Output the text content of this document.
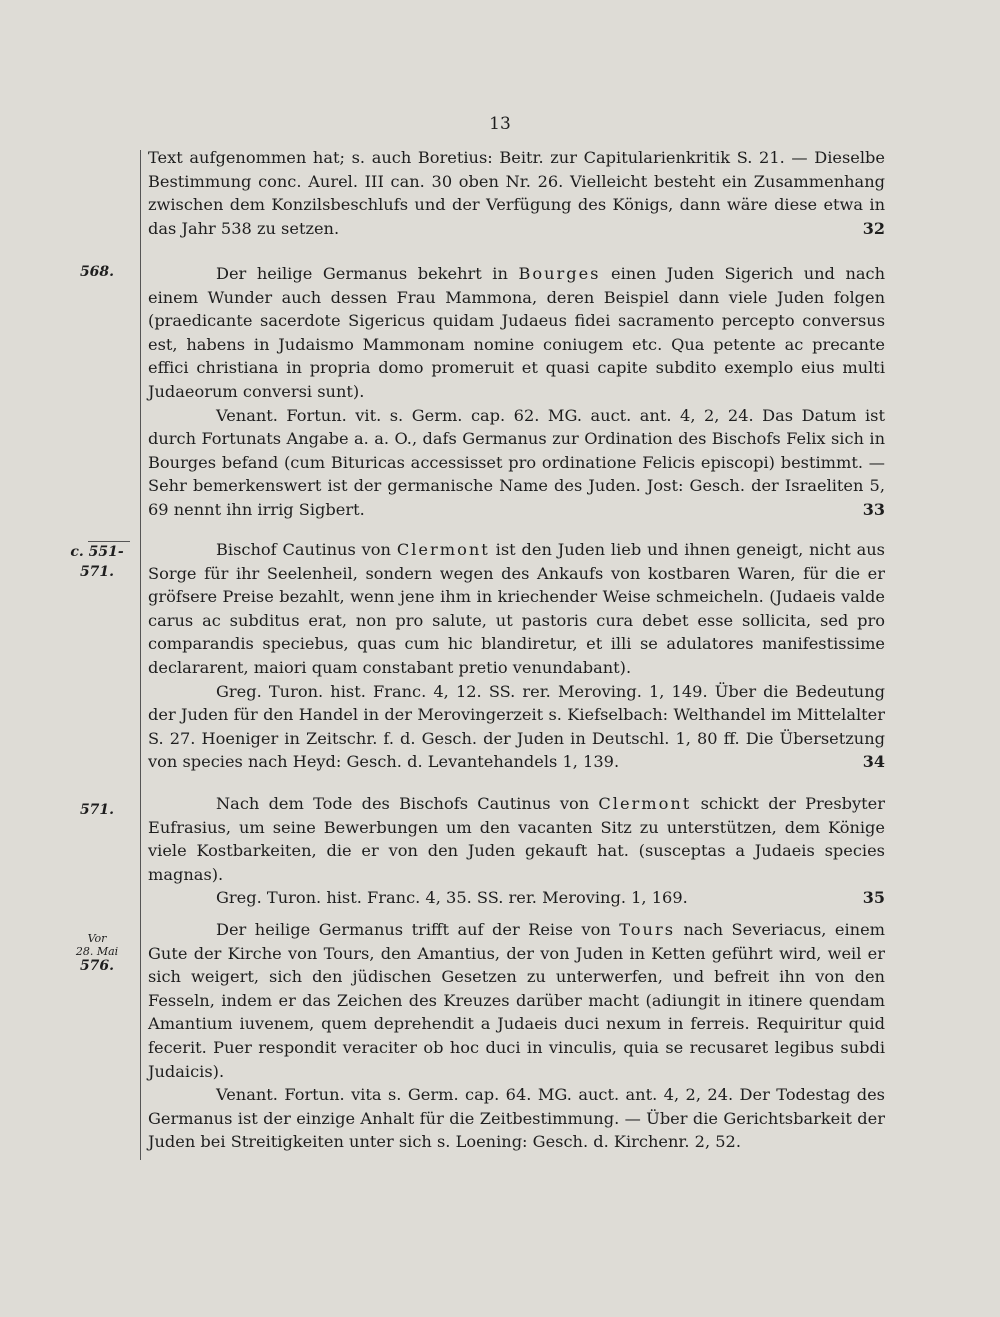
13

Text aufgenommen hat; s. auch Boretius: Beitr. zur Capitularienkritik S. 21. — Dieselbe Bestimmung conc. Aurel. III can. 30 oben Nr. 26. Vielleicht besteht ein Zusammenhang zwischen dem Konzilsbeschlufs und der Verfügung des Königs, dann wäre diese etwa in das Jahr 538 zu setzen.	32
568.	Der heilige Germanus bekehrt in Bourges einen Juden Sigerich und nach einem Wunder auch dessen Frau Mammona, deren Beispiel dann viele Juden folgen (praedicante sacerdote Sigericus quidam Judaeus fidei sacramento percepto conversus est, habens in Judaismo Mammonam nomine coniugem etc. Qua petente ac precante effici christiana in propria domo promeruit et quasi capite subdito exemplo eius multi Judaeorum conversi sunt).

Venant. Fortun. vit. s. Germ. cap. 62. MG. auct. ant. 4, 2, 24. Das Datum ist durch Fortunats Angabe a. a. O., dafs Germanus zur Ordination des Bischofs Felix sich in Bourges befand (cum Bituricas accessisset pro ordinatione Felicis episcopi) bestimmt. — Sehr bemerkenswert ist der germanische Name des Juden. Jost: Gesch. der Israeliten 5, 69 nennt ihn irrig Sigbert.	33
c. 551-
571.

Bischof Cautinus von Clermont ist den Juden lieb und ihnen geneigt, nicht aus Sorge für ihr Seelenheil, sondern wegen des Ankaufs von kostbaren Waren, für die er gröfsere Preise bezahlt, wenn jene ihm in kriechender Weise schmeicheln. (Judaeis valde carus ac subditus erat, non pro salute, ut pastoris cura debet esse sollicita, sed pro comparandis speciebus, quas cum hic blandiretur, et illi se adulatores manifestissime declararent, maiori quam constabant pretio venundabant).

Greg. Turon. hist. Franc. 4, 12. SS. rer. Meroving. 1, 149. Über die Bedeutung der Juden für den Handel in der Merovingerzeit s. Kiefselbach: Welthandel im Mittelalter S. 27. Hoeniger in Zeitschr. f. d. Gesch. der Juden in Deutschl. 1, 80 ff. Die Übersetzung von species nach Heyd: Gesch. d. Levantehandels 1, 139.	34
571.	Nach dem Tode des Bischofs Cautinus von Clermont schickt der Presbyter Eufrasius, um seine Bewerbungen um den vacanten Sitz zu unterstützen, dem Könige viele Kostbarkeiten, die er von den Juden gekauft hat. (susceptas a Judaeis species magnas).

Greg. Turon. hist. Franc. 4, 35. SS. rer. Meroving. 1, 169.	35
Vor
28. Mai
576.

Der heilige Germanus trifft auf der Reise von Tours nach Severiacus, einem Gute der Kirche von Tours, den Amantius, der von Juden in Ketten geführt wird, weil er sich weigert, sich den jüdischen Gesetzen zu unterwerfen, und befreit ihn von den Fesseln, indem er das Zeichen des Kreuzes darüber macht (adiungit in itinere quendam Amantium iuvenem, quem deprehendit a Judaeis duci nexum in ferreis. Requiritur quid fecerit. Puer respondit veraciter ob hoc duci in vinculis, quia se recusaret legibus subdi Judaicis).

Venant. Fortun. vita s. Germ. cap. 64. MG. auct. ant. 4, 2, 24. Der Todestag des Germanus ist der einzige Anhalt für die Zeitbestimmung. — Über die Gerichtsbarkeit der Juden bei Streitigkeiten unter sich s. Loening: Gesch. d. Kirchenr. 2, 52.
